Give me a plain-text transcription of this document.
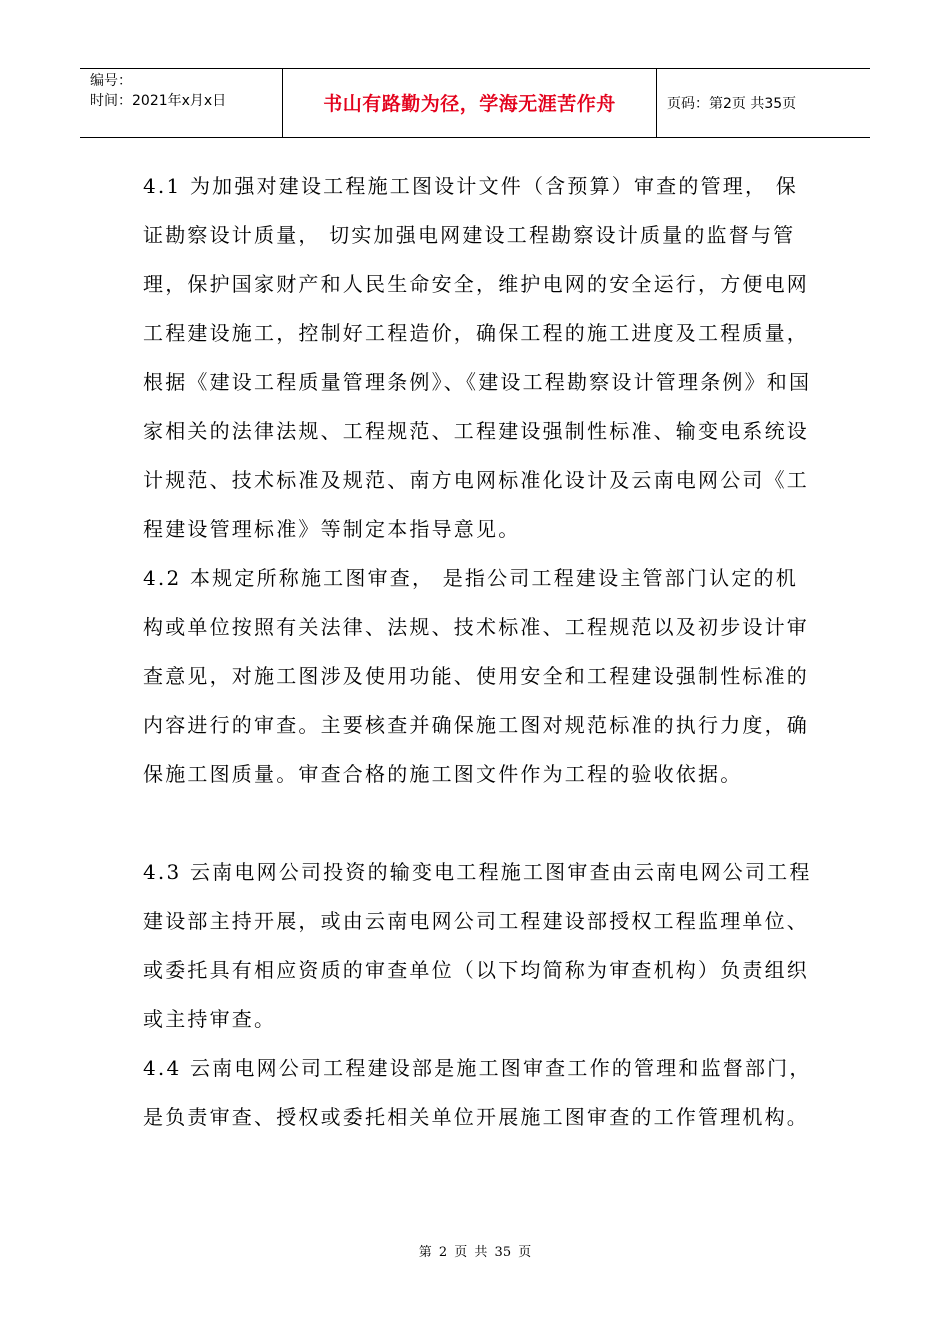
编号：
时间：2021年x月x日	书山有路勤为径，学海无涯苦作舟	页码：第2页 共35页

4.1 为加强对建设工程施工图设计文件（含预算）审查的管理， 保证勘察设计质量， 切实加强电网建设工程勘察设计质量的监督与管理，保护国家财产和人民生命安全，维护电网的安全运行，方便电网工程建设施工，控制好工程造价，确保工程的施工进度及工程质量，根据《建设工程质量管理条例》、《建设工程勘察设计管理条例》和国家相关的法律法规、工程规范、工程建设强制性标准、输变电系统设计规范、技术标准及规范、南方电网标准化设计及云南电网公司《工程建设管理标准》等制定本指导意见。

4.2 本规定所称施工图审查， 是指公司工程建设主管部门认定的机构或单位按照有关法律、法规、技术标准、工程规范以及初步设计审查意见，对施工图涉及使用功能、使用安全和工程建设强制性标准的内容进行的审查。主要核查并确保施工图对规范标准的执行力度，确保施工图质量。审查合格的施工图文件作为工程的验收依据。

4.3 云南电网公司投资的输变电工程施工图审查由云南电网公司工程建设部主持开展，或由云南电网公司工程建设部授权工程监理单位、或委托具有相应资质的审查单位（以下均简称为审查机构）负责组织或主持审查。

4.4 云南电网公司工程建设部是施工图审查工作的管理和监督部门，是负责审查、授权或委托相关单位开展施工图审查的工作管理机构。

第 2 页 共 35 页
